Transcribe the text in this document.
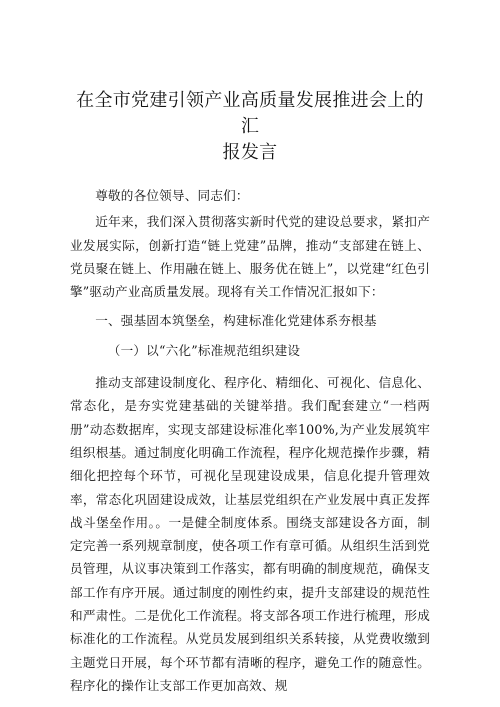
在全市党建引领产业高质量发展推进会上的汇
报发言

尊敬的各位领导、同志们：

近年来，我们深入贯彻落实新时代党的建设总要求，紧扣产业发展实际，创新打造“链上党建”品牌，推动“支部建在链上、党员聚在链上、作用融在链上、服务优在链上”，以党建“红色引擎”驱动产业高质量发展。现将有关工作情况汇报如下：

一、强基固本筑堡垒，构建标准化党建体系夯根基

（一）以“六化”标准规范组织建设

推动支部建设制度化、程序化、精细化、可视化、信息化、常态化，是夯实党建基础的关键举措。我们配套建立“一档两册”动态数据库，实现支部建设标准化率100%,为产业发展筑牢组织根基。通过制度化明确工作流程，程序化规范操作步骤，精细化把控每个环节，可视化呈现建设成果，信息化提升管理效率，常态化巩固建设成效，让基层党组织在产业发展中真正发挥战斗堡垒作用。。一是健全制度体系。围绕支部建设各方面，制定完善一系列规章制度，使各项工作有章可循。从组织生活到党员管理，从议事决策到工作落实，都有明确的制度规范，确保支部工作有序开展。通过制度的刚性约束，提升支部建设的规范性和严肃性。二是优化工作流程。将支部各项工作进行梳理，形成标准化的工作流程。从党员发展到组织关系转接，从党费收缴到主题党日开展，每个环节都有清晰的程序，避免工作的随意性。程序化的操作让支部工作更加高效、规
